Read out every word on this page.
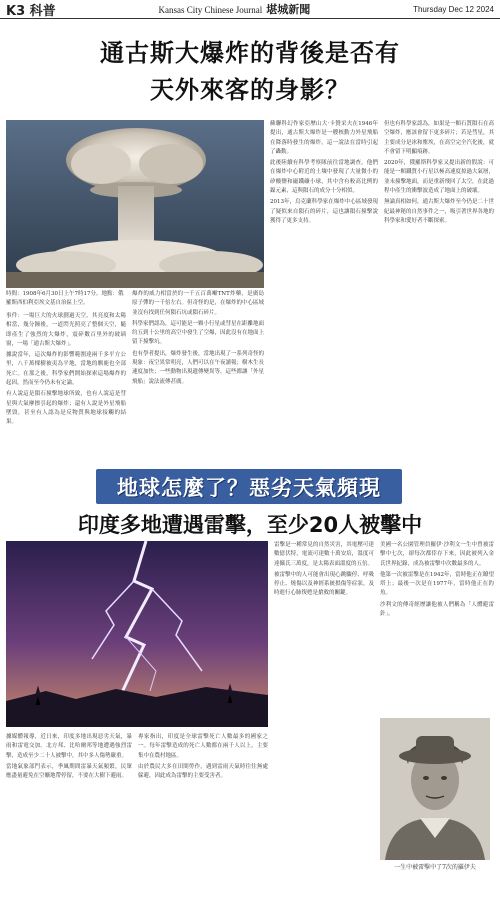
K3 科普	Kansas City Chinese Journal 堪城新聞	Thursday Dec 12 2024
通古斯大爆炸的背後是否有
天外來客的身影？
時間：1908年6月30日上午7時17分。地點：俄羅斯西伯利亞埃文基自治區上空。

事件：一場巨大的火球劃過天空，其亮度和太陽相當，幾分鐘後，一道閃光照亮了整個天空，隨即產生了強烈的大爆炸，震碎數百里外的玻璃窗，一場「通古斯大爆炸」。

據說當年，這次爆炸的影響範圍達兩千多平方公里，八千萬棵樹被夷為平地，當地的馴鹿也全部死亡。在那之後，科學家們開始探索這場爆炸的起因，然而至今仍未有定論。

有人說這是隕石撞擊地球所致，也有人說這是彗星與大氣摩擦引起的爆炸；還有人說是外星飛船墜毀，甚至有人認為是反物質與地球接觸的結果。

爆炸的威力相當於約一千五百萬噸TNT炸藥，是廣島原子彈的一千倍左右。但奇怪的是，在爆炸的中心區域並沒有找到任何隕石坑或隕石碎片。

科學家們認為，這可能是一顆小行星或彗星在距離地面約五到十公里的高空中發生了空爆，因此沒有在地面上留下撞擊坑。

也有學者提出，爆炸發生後，當地出現了一系列奇怪的現象：夜空異常明亮，人們可以在午夜讀報；樹木生長速度加快；一些動物出現遺傳變異等。這些都讓「外星飛船」說法流傳甚廣。

蘇聯科幻作家亞歷山大·卡贊采夫在1946年提出，通古斯大爆炸是一艘核動力外星飛船在降落時發生的爆炸。這一說法在當時引起了轟動。

此後陸續有科學考察隊前往當地調查，他們在爆炸中心附近的土壤中發現了大量微小的矽酸鹽和磁鐵礦小球，其中含有較高比例的鎳元素，這與隕石的成分十分相似。

2013年，烏克蘭科學家在爆炸中心區域發現了疑似來自隕石的碎片，這也讓隕石撞擊說獲得了更多支持。

但也有科學家認為，如果是一顆石質隕石在高空爆炸，應該會留下更多碎片；若是彗星，其主要成分是冰和塵埃，在高空完全汽化後，就不會留下明顯痕跡。

2020年，俄羅斯科學家又提出新的假說：可能是一顆鐵質小行星以極高速度掠過大氣層，並未撞擊地面，而是重新飛回了太空，在此過程中產生的衝擊波造成了地面上的破壞。

無論真相如何，通古斯大爆炸至今仍是二十世紀最神秘的自然事件之一，吸引著世界各地的科學家和愛好者不斷探索。

地球怎麼了？惡劣天氣頻現
印度多地遭遇雷擊，至少20人被擊中

據媒體報導，近日來，印度多地出現惡劣天氣，暴雨和雷電交加。北方邦、比哈爾邦等地遭遇強烈雷擊，造成至少二十人被擊中，其中多人傷勢嚴重。

當地氣象部門表示，季風期間雷暴天氣頻繁，民眾應盡量避免在空曠地帶停留，不要在大樹下避雨。

專家指出，印度是全球雷擊死亡人數最多的國家之一。每年雷擊造成的死亡人數都在兩千人以上，主要集中在農村地區。

由於農民大多在田間勞作，遇到雷雨天氣時往往無處躲避，因此成為雷擊的主要受害者。

雷擊是一種常見的自然災害，其電壓可達數億伏特，電流可達數十萬安培，溫度可達攝氏三萬度，是太陽表面溫度的五倍。

被雷擊中的人可能會出現心跳驟停、呼吸停止、燒傷以及神經系統損傷等症狀。及時進行心肺復甦是搶救的關鍵。

美國一名公園管理員羅伊·沙利文一生中曾被雷擊中七次，卻每次都倖存下來，因此被列入金氏世界紀錄，成為被雷擊中次數最多的人。

他第一次被雷擊是在1942年，當時他正在瞭望塔上；最後一次是在1977年，當時他正在釣魚。

沙利文的傳奇經歷讓他被人們稱為「人體避雷針」。

一生中被雷擊中了7次的羅伊夫
